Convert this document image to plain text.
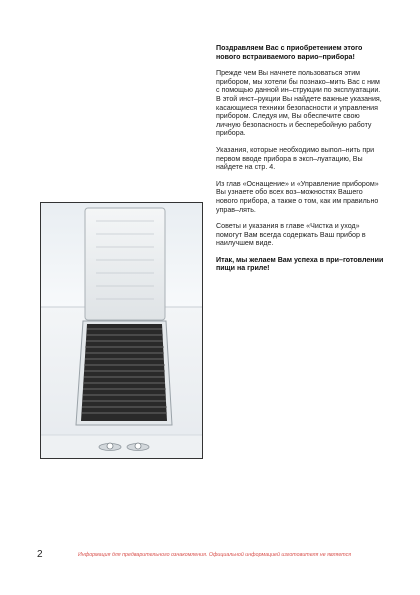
Поздравляем Вас с приобретением этого нового встраиваемого варио–прибора!

Прежде чем Вы начнете пользоваться этим прибором, мы хотели бы познако–мить Вас с ним с помощью данной ин–струкции по эксплуатации. В этой инст–рукции Вы найдете важные указания, касающиеся техники безопасности и управления прибором. Следуя им, Вы обеспечите свою личную безопасность и бесперебойную работу прибора.

Указания, которые необходимо выпол–нить при первом вводе прибора в эксп–луатацию, Вы найдете на стр. 4.

Из глав «Оснащение» и «Управление прибором» Вы узнаете обо всех воз–можностях Вашего нового прибора, а также о том, как им правильно управ–лять.

Советы и указания в главе «Чистка и уход» помогут Вам всегда содержать Ваш прибор в наилучшем виде.

Итак, мы желаем Вам успеха в при–готовлении пищи на гриле!

2	Информация для предварительного ознакомления. Официальной информацией изготовителя не является
